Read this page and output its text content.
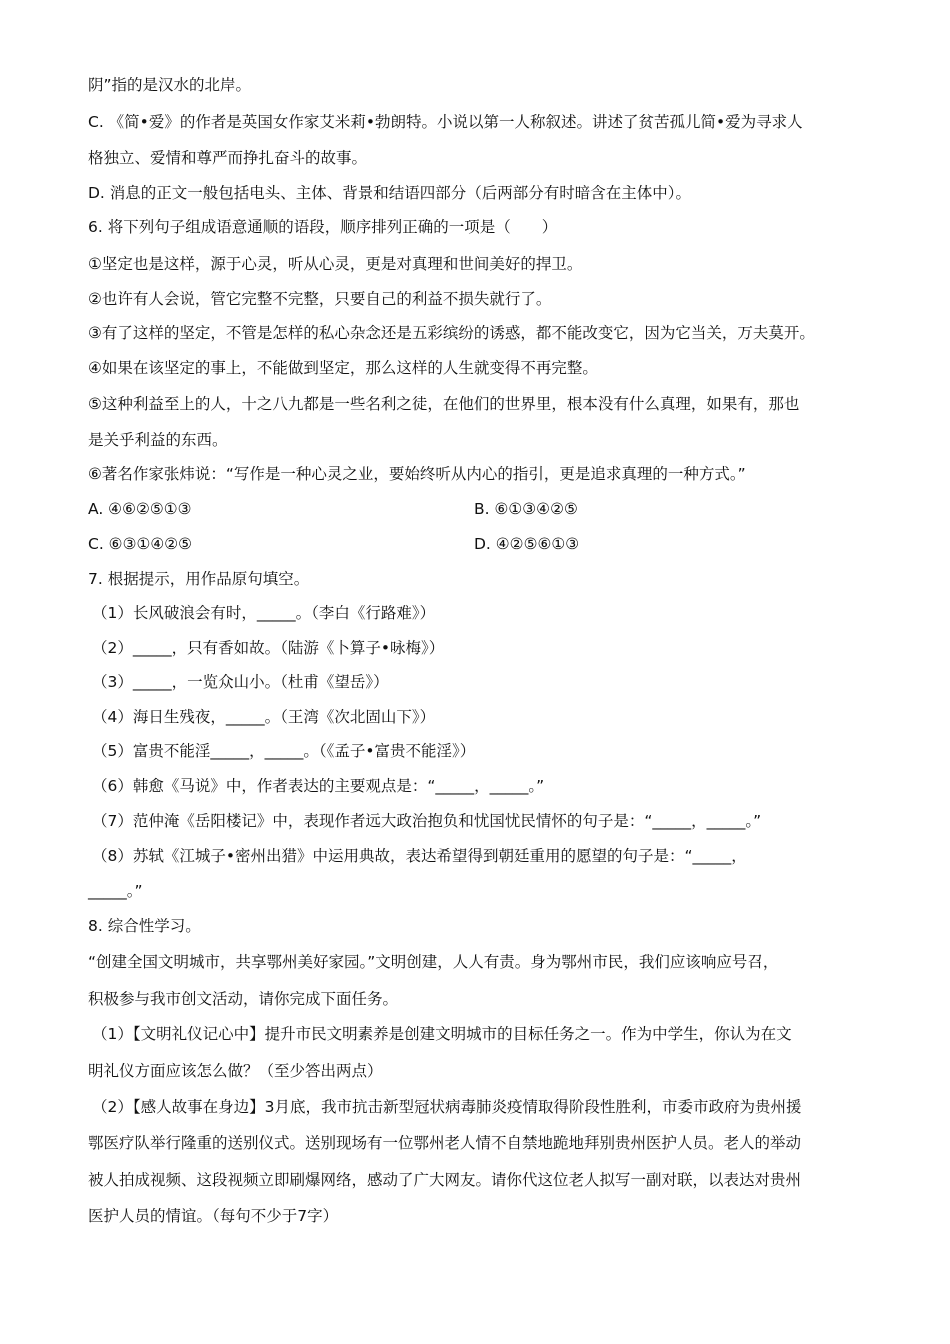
阴”指的是汉水的北岸。
C. 《简•爱》的作者是英国女作家艾米莉•勃朗特。小说以第一人称叙述。讲述了贫苦孤儿简•爱为寻求人
格独立、爱情和尊严而挣扎奋斗的故事。
D. 消息的正文一般包括电头、主体、背景和结语四部分（后两部分有时暗含在主体中）。
6. 将下列句子组成语意通顺的语段，顺序排列正确的一项是（　　）
①坚定也是这样，源于心灵，听从心灵，更是对真理和世间美好的捍卫。
②也许有人会说，管它完整不完整，只要自己的利益不损失就行了。
③有了这样的坚定，不管是怎样的私心杂念还是五彩缤纷的诱惑，都不能改变它，因为它当关，万夫莫开。
④如果在该坚定的事上，不能做到坚定，那么这样的人生就变得不再完整。
⑤这种利益至上的人，十之八九都是一些名利之徒，在他们的世界里，根本没有什么真理，如果有，那也
是关乎利益的东西。
⑥著名作家张炜说：“写作是一种心灵之业，要始终听从内心的指引，更是追求真理的一种方式。”
A. ④⑥②⑤①③	B. ⑥①③④②⑤
C. ⑥③①④②⑤	D. ④②⑤⑥①③
7. 根据提示，用作品原句填空。
（1）长风破浪会有时，_____。（李白《行路难》）
（2）_____，只有香如故。（陆游《卜算子•咏梅》）
（3）_____，一览众山小。（杜甫《望岳》）
（4）海日生残夜，_____。（王湾《次北固山下》）
（5）富贵不能淫_____，_____。（《孟子•富贵不能淫》）
（6）韩愈《马说》中，作者表达的主要观点是：“_____，_____。”
（7）范仲淹《岳阳楼记》中，表现作者远大政治抱负和忧国忧民情怀的句子是：“_____，_____。”
（8）苏轼《江城子•密州出猎》中运用典故，表达希望得到朝廷重用的愿望的句子是：“_____，
_____。”
8. 综合性学习。
“创建全国文明城市，共享鄂州美好家园。”文明创建，人人有责。身为鄂州市民，我们应该响应号召，
积极参与我市创文活动，请你完成下面任务。
（1）【文明礼仪记心中】提升市民文明素养是创建文明城市的目标任务之一。作为中学生，你认为在文
明礼仪方面应该怎么做？（至少答出两点）
（2）【感人故事在身边】3月底，我市抗击新型冠状病毒肺炎疫情取得阶段性胜利，市委市政府为贵州援
鄂医疗队举行隆重的送别仪式。送别现场有一位鄂州老人情不自禁地跪地拜别贵州医护人员。老人的举动
被人拍成视频、这段视频立即刷爆网络，感动了广大网友。请你代这位老人拟写一副对联，以表达对贵州
医护人员的情谊。（每句不少于7字）
